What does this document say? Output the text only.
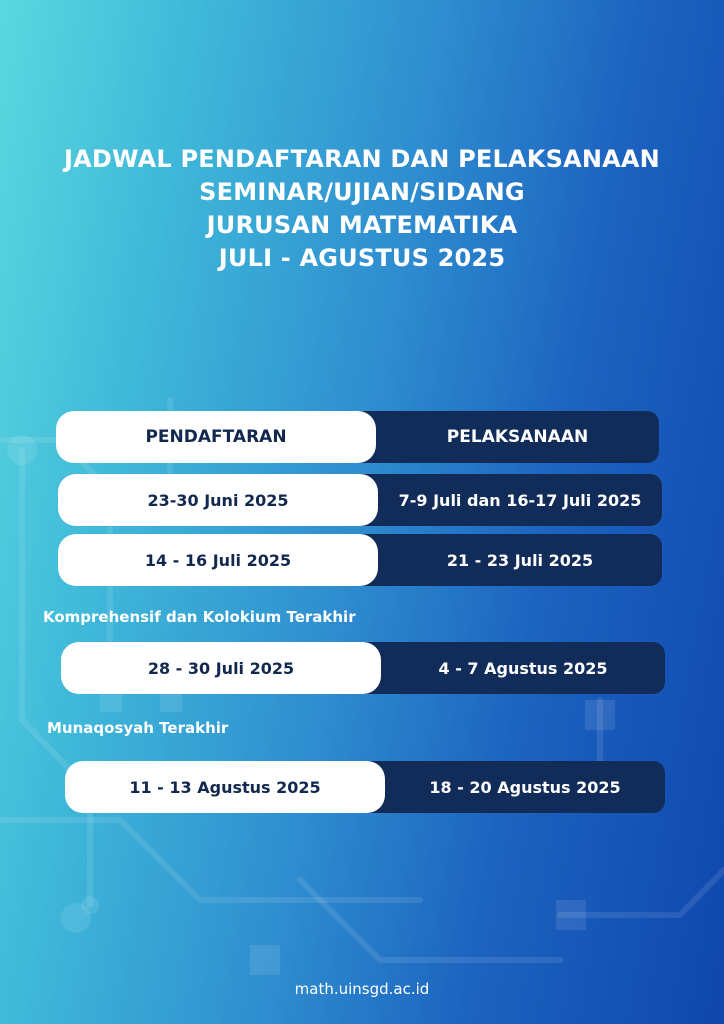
JADWAL PENDAFTARAN DAN PELAKSANAAN
SEMINAR/UJIAN/SIDANG
JURUSAN MATEMATIKA
JULI - AGUSTUS 2025
PENDAFTARAN	PELAKSANAAN
23-30 Juni 2025	7-9 Juli dan 16-17 Juli 2025
14 - 16 Juli 2025	21 - 23 Juli 2025
Komprehensif dan Kolokium Terakhir
28 - 30 Juli 2025	4 - 7 Agustus 2025
Munaqosyah Terakhir
11 - 13 Agustus 2025	18 - 20 Agustus 2025
math.uinsgd.ac.id
